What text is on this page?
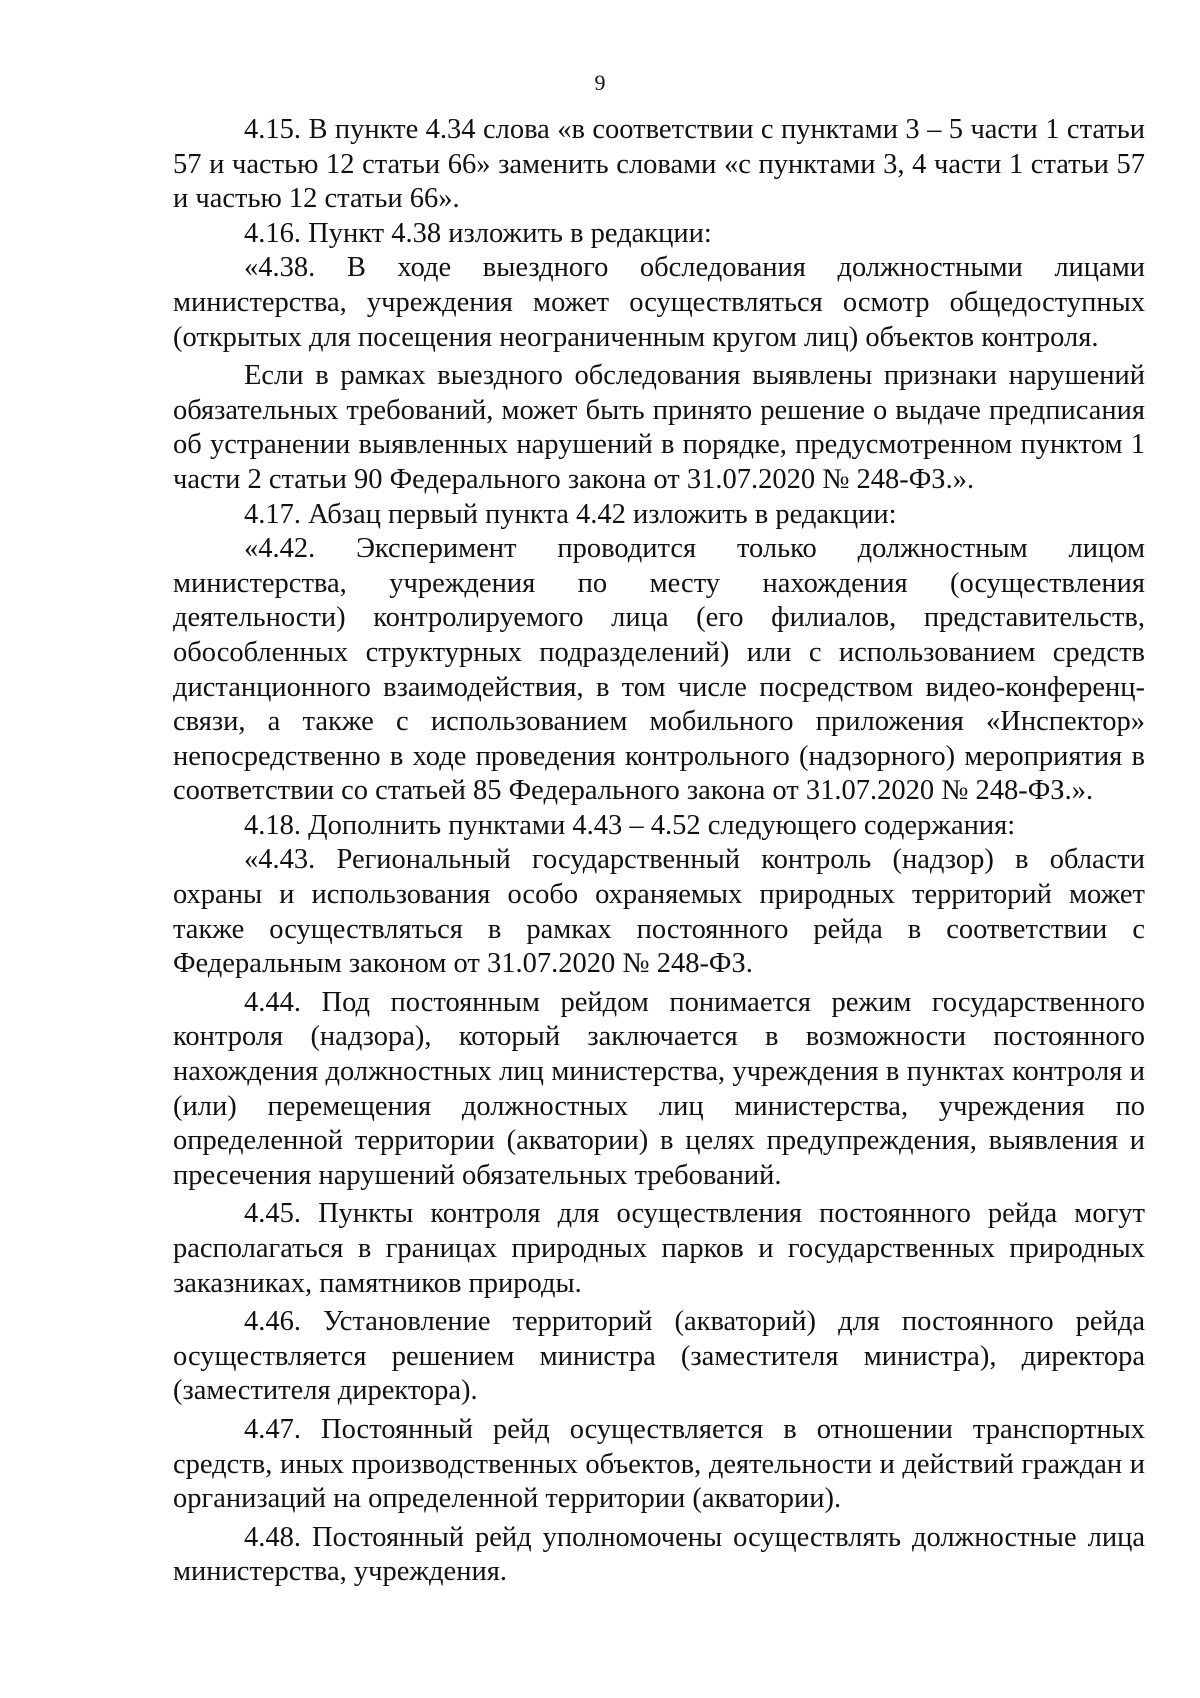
9

4.15. В пункте 4.34 слова «в соответствии с пунктами 3 – 5 части 1 статьи 57 и частью 12 статьи 66» заменить словами «с пунктами 3, 4 части 1 статьи 57 и частью 12 статьи 66».

4.16. Пункт 4.38 изложить в редакции:

«4.38. В ходе выездного обследования должностными лицами министерства, учреждения может осуществляться осмотр общедоступных (открытых для посещения неограниченным кругом лиц) объектов контроля.

Если в рамках выездного обследования выявлены признаки нарушений обязательных требований, может быть принято решение о выдаче предписания об устранении выявленных нарушений в порядке, предусмотренном пунктом 1 части 2 статьи 90 Федерального закона от 31.07.2020 № 248-ФЗ.».

4.17. Абзац первый пункта 4.42 изложить в редакции:

«4.42. Эксперимент проводится только должностным лицом министерства, учреждения по месту нахождения (осуществления деятельности) контролируемого лица (его филиалов, представительств, обособленных структурных подразделений) или с использованием средств дистанционного взаимодействия, в том числе посредством видео-конференц-связи, а также с использованием мобильного приложения «Инспектор» непосредственно в ходе проведения контрольного (надзорного) мероприятия в соответствии со статьей 85 Федерального закона от 31.07.2020 № 248-ФЗ.».

4.18. Дополнить пунктами 4.43 – 4.52 следующего содержания:

«4.43. Региональный государственный контроль (надзор) в области охраны и использования особо охраняемых природных территорий может также осуществляться в рамках постоянного рейда в соответствии с Федеральным законом от 31.07.2020 № 248-ФЗ.

4.44. Под постоянным рейдом понимается режим государственного контроля (надзора), который заключается в возможности постоянного нахождения должностных лиц министерства, учреждения в пунктах контроля и (или) перемещения должностных лиц министерства, учреждения по определенной территории (акватории) в целях предупреждения, выявления и пресечения нарушений обязательных требований.

4.45. Пункты контроля для осуществления постоянного рейда могут располагаться в границах природных парков и государственных природных заказниках, памятников природы.

4.46. Установление территорий (акваторий) для постоянного рейда осуществляется решением министра (заместителя министра), директора (заместителя директора).

4.47. Постоянный рейд осуществляется в отношении транспортных средств, иных производственных объектов, деятельности и действий граждан и организаций на определенной территории (акватории).

4.48. Постоянный рейд уполномочены осуществлять должностные лица министерства, учреждения.
